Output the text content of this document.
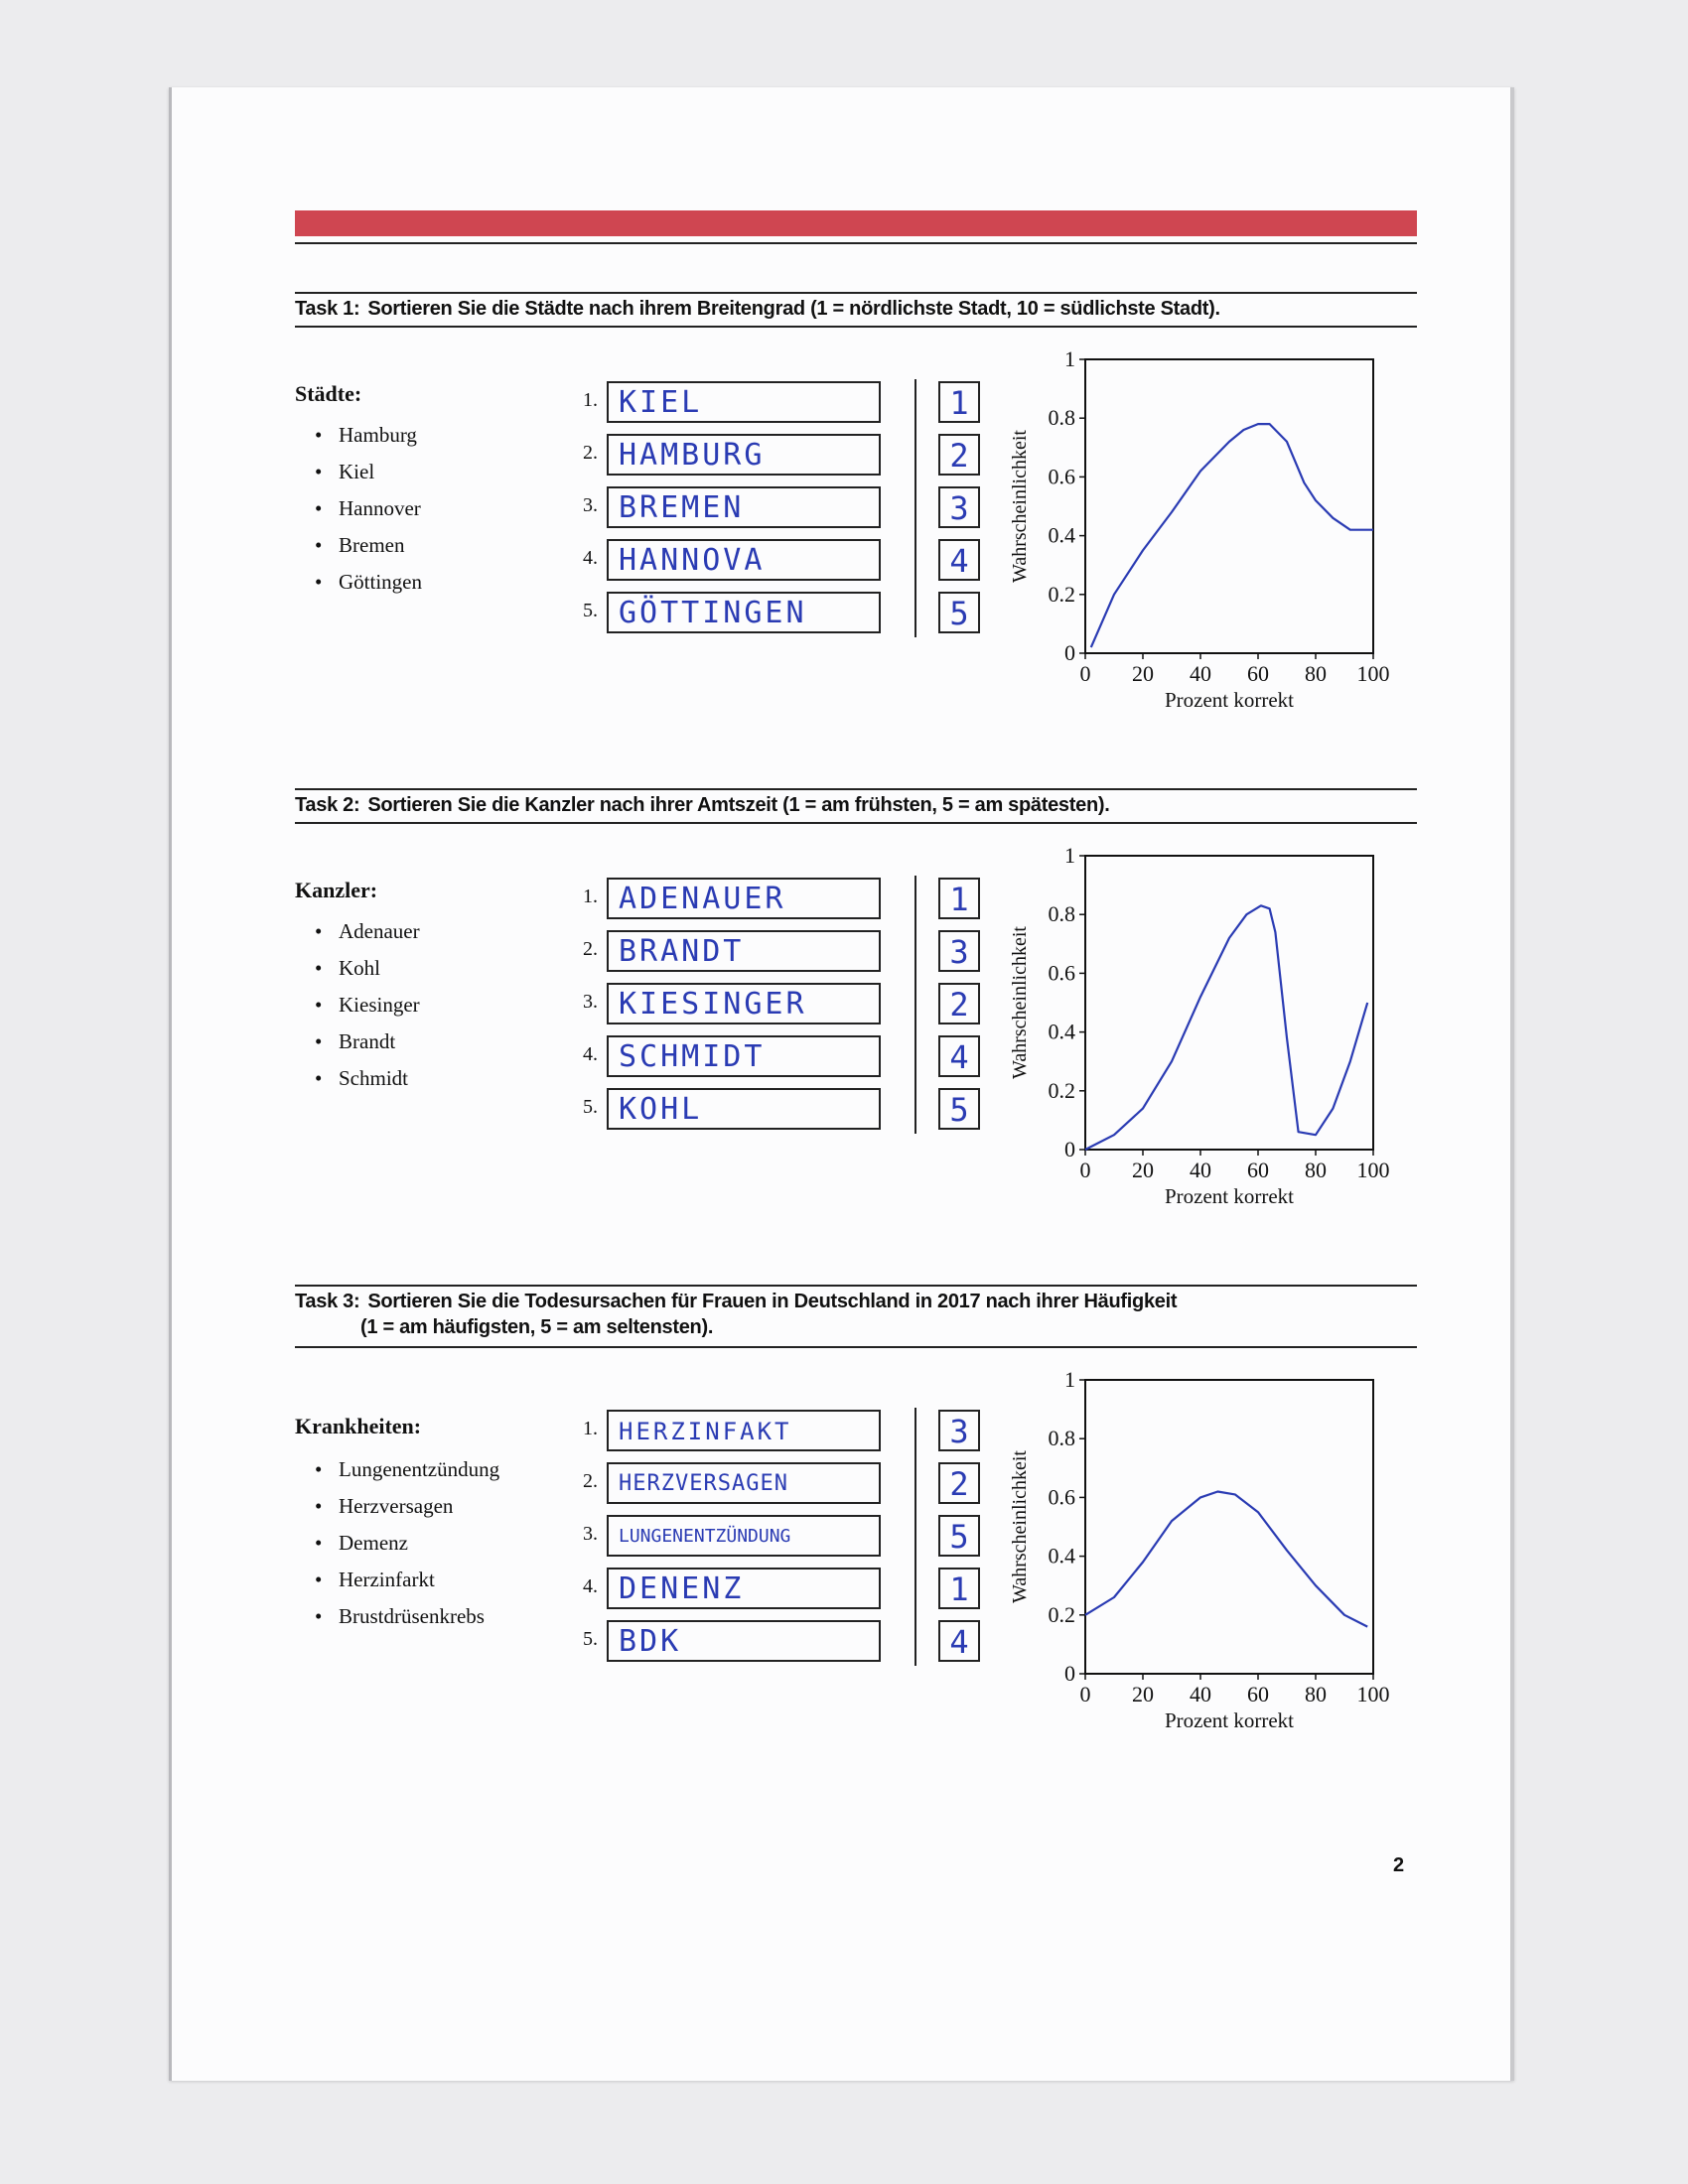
Task 1: Sortieren Sie die Städte nach ihrem Breitengrad (1 = nördlichste Stadt, 10 = südlichste Stadt).
Städte:
• Hamburg
• Kiel
• Hannover
• Bremen
• Göttingen
1. KIEL
2. HAMBURG
3. BREMEN
4. HANNOVA
5. GÖTTINGEN
1
2
3
4
5
0 20 40 60 80 100
0
0.2
0.4
0.6
0.8
1
Prozent korrekt
Wahrscheinlichkeit
Task 2: Sortieren Sie die Kanzler nach ihrer Amtszeit (1 = am frühsten, 5 = am spätesten).
Kanzler:
• Adenauer
• Kohl
• Kiesinger
• Brandt
• Schmidt
1. ADENAUER
2. BRANDT
3. KIESINGER
4. SCHMIDT
5. KOHL
1
3
2
4
5
0 20 40 60 80 100
0
0.2
0.4
0.6
0.8
1
Prozent korrekt
Wahrscheinlichkeit
Task 3: Sortieren Sie die Todesursachen für Frauen in Deutschland in 2017 nach ihrer Häufigkeit
(1 = am häufigsten, 5 = am seltensten).
Krankheiten:
• Lungenentzündung
• Herzversagen
• Demenz
• Herzinfarkt
• Brustdrüsenkrebs
1. HERZINFAKT
2. HERZVERSAGEN
3.	LUNGENENTZÜNDUNG
4. DENENZ
5. BDK
3
2
5
1
4
0 20 40 60 80 100
0
0.2
0.4
0.6
0.8
1
Prozent korrekt
Wahrscheinlichkeit
2
